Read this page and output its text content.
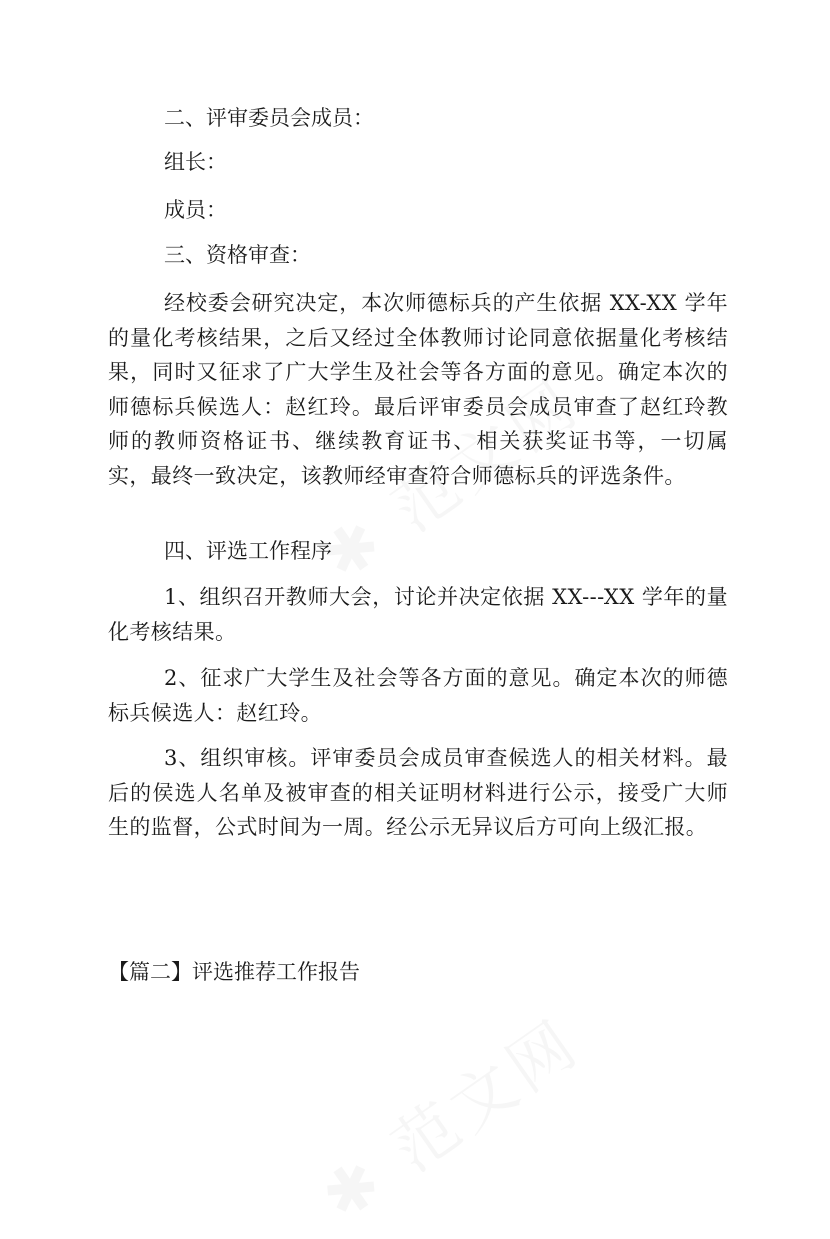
二、评审委员会成员：
组长：
成员：
三、资格审查：
经校委会研究决定，本次师德标兵的产生依据 XX-XX 学年的量化考核结果，之后又经过全体教师讨论同意依据量化考核结果，同时又征求了广大学生及社会等各方面的意见。确定本次的师德标兵候选人：赵红玲。最后评审委员会成员审查了赵红玲教师的教师资格证书、继续教育证书、相关获奖证书等，一切属实，最终一致决定，该教师经审查符合师德标兵的评选条件。
四、评选工作程序
1、组织召开教师大会，讨论并决定依据 XX---XX 学年的量化考核结果。
2、征求广大学生及社会等各方面的意见。确定本次的师德标兵候选人：赵红玲。
3、组织审核。评审委员会成员审查候选人的相关材料。最后的侯选人名单及被审查的相关证明材料进行公示，接受广大师生的监督，公式时间为一周。经公示无异议后方可向上级汇报。
【篇二】评选推荐工作报告
